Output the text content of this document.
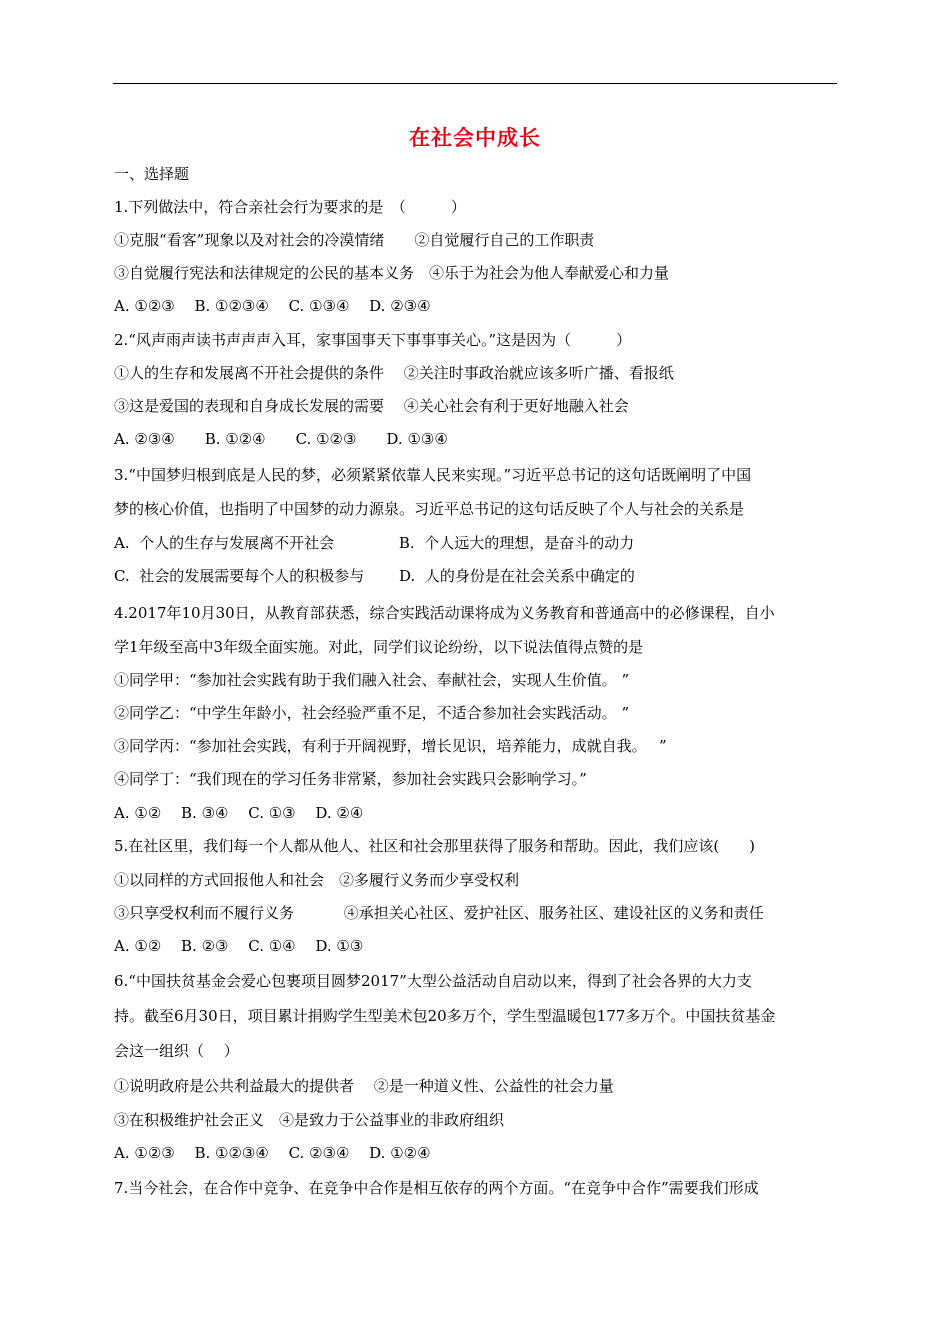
在社会中成长
一、选择题
1.下列做法中，符合亲社会行为要求的是　（　　　）
①克服“看客”现象以及对社会的冷漠情绪　　②自觉履行自己的工作职责
③自觉履行宪法和法律规定的公民的基本义务　④乐于为社会为他人奉献爱心和力量
A. ①②③　 B. ①②③④　 C. ①③④　 D. ②③④
2.“风声雨声读书声声声入耳，家事国事天下事事事关心。”这是因为（　　　）
①人的生存和发展离不开社会提供的条件　 ②关注时事政治就应该多听广播、看报纸
③这是爱国的表现和自身成长发展的需要　 ④关心社会有利于更好地融入社会
A. ②③④　　B. ①②④　　C. ①②③　　D. ①③④
3.“中国梦归根到底是人民的梦，必须紧紧依靠人民来实现。”习近平总书记的这句话既阐明了中国
梦的核心价值，也指明了中国梦的动力源泉。习近平总书记的这句话反映了个人与社会的关系是
A.  个人的生存与发展离不开社会　　　　 B.  个人远大的理想，是奋斗的动力
C.  社会的发展需要每个人的积极参与　　 D.  人的身份是在社会关系中确定的
4.2017年10月30日，从教育部获悉，综合实践活动课将成为义务教育和普通高中的必修课程，自小
学1年级至高中3年级全面实施。对此，同学们议论纷纷，以下说法值得点赞的是
①同学甲：“参加社会实践有助于我们融入社会、奉献社会，实现人生价值。 ”
②同学乙：“中学生年龄小，社会经验严重不足，不适合参加社会实践活动。 ”
③同学丙：“参加社会实践，有利于开阔视野，增长见识，培养能力，成就自我。　 ”
④同学丁：“我们现在的学习任务非常紧，参加社会实践只会影响学习。”
A. ①②　 B. ③④　 C. ①③　 D. ②④
5.在社区里，我们每一个人都从他人、社区和社会那里获得了服务和帮助。因此，我们应该(　　)
①以同样的方式回报他人和社会　②多履行义务而少享受权利
③只享受权利而不履行义务　　　 ④承担关心社区、爱护社区、服务社区、建设社区的义务和责任
A. ①②　 B. ②③　 C. ①④　 D. ①③
6.“中国扶贫基金会爱心包裹项目圆梦2017”大型公益活动自启动以来，得到了社会各界的大力支
持。截至6月30日，项目累计捐购学生型美术包20多万个，学生型温暖包177多万个。中国扶贫基金
会这一组织（　 ）
①说明政府是公共利益最大的提供者　 ②是一种道义性、公益性的社会力量
③在积极维护社会正义　④是致力于公益事业的非政府组织
A. ①②③　 B. ①②③④　 C. ②③④　 D. ①②④
7.当今社会，在合作中竞争、在竞争中合作是相互依存的两个方面。“在竞争中合作”需要我们形成
